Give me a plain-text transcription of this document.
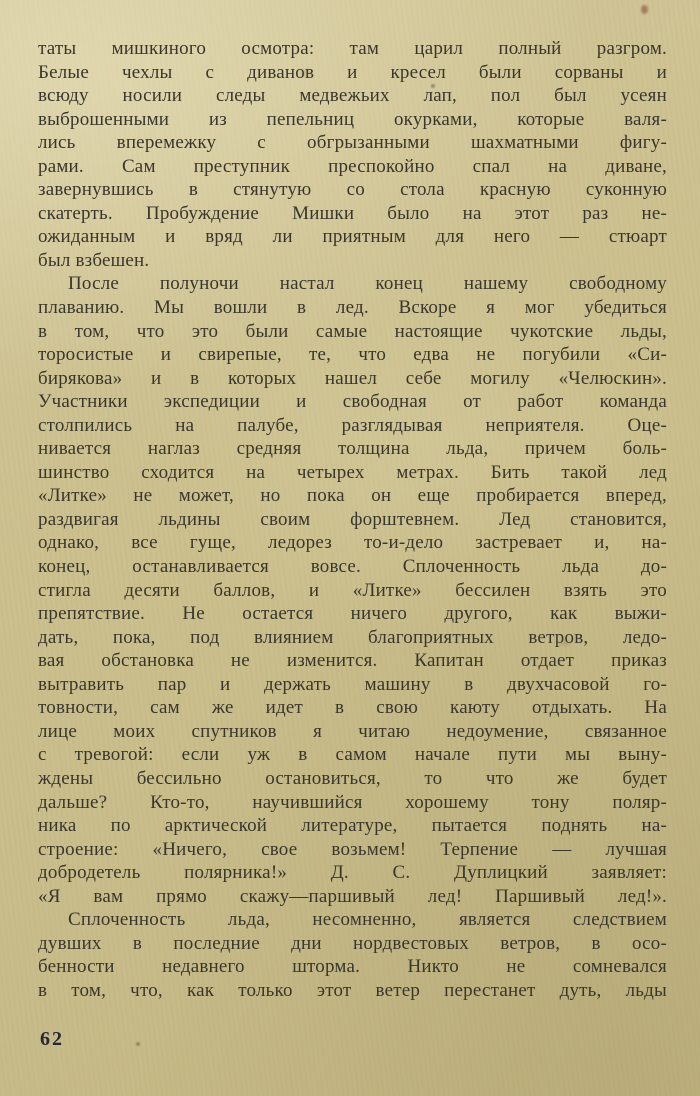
таты мишкиного осмотра: там царил полный разгром.
Белые чехлы с диванов и кресел были сорваны и
всюду носили следы медвежьих лап, пол был усеян
выброшенными из пепельниц окурками, которые валя-
лись вперемежку с обгрызанными шахматными фигу-
рами. Сам преступник преспокойно спал на диване,
завернувшись в стянутую со стола красную суконную
скатерть. Пробуждение Мишки было на этот раз не-
ожиданным и вряд ли приятным для него — стюарт
был взбешен.
После полуночи настал конец нашему свободному
плаванию. Мы вошли в лед. Вскоре я мог убедиться
в том, что это были самые настоящие чукотские льды,
торосистые и свирепые, те, что едва не погубили «Си-
бирякова» и в которых нашел себе могилу «Челюскин».
Участники экспедиции и свободная от работ команда
столпились на палубе, разглядывая неприятеля. Оце-
нивается наглаз средняя толщина льда, причем боль-
шинство сходится на четырех метрах. Бить такой лед
«Литке» не может, но пока он еще пробирается вперед,
раздвигая льдины своим форштевнем. Лед становится,
однако, все гуще, ледорез то-и-дело застревает и, на-
конец, останавливается вовсе. Сплоченность льда до-
стигла десяти баллов, и «Литке» бессилен взять это
препятствие. Не остается ничего другого, как выжи-
дать, пока, под влиянием благоприятных ветров, ледо-
вая обстановка не изменится. Капитан отдает приказ
вытравить пар и держать машину в двухчасовой го-
товности, сам же идет в свою каюту отдыхать. На
лице моих спутников я читаю недоумение, связанное
с тревогой: если уж в самом начале пути мы выну-
ждены бессильно остановиться, то что же будет
дальше? Кто-то, научившийся хорошему тону поляр-
ника по арктической литературе, пытается поднять на-
строение: «Ничего, свое возьмем! Терпение — лучшая
добродетель полярника!» Д. С. Дуплицкий заявляет:
«Я вам прямо скажу—паршивый лед! Паршивый лед!».
Сплоченность льда, несомненно, является следствием
дувших в последние дни нордвестовых ветров, в осо-
бенности недавнего шторма. Никто не сомневался
в том, что, как только этот ветер перестанет дуть, льды
62
